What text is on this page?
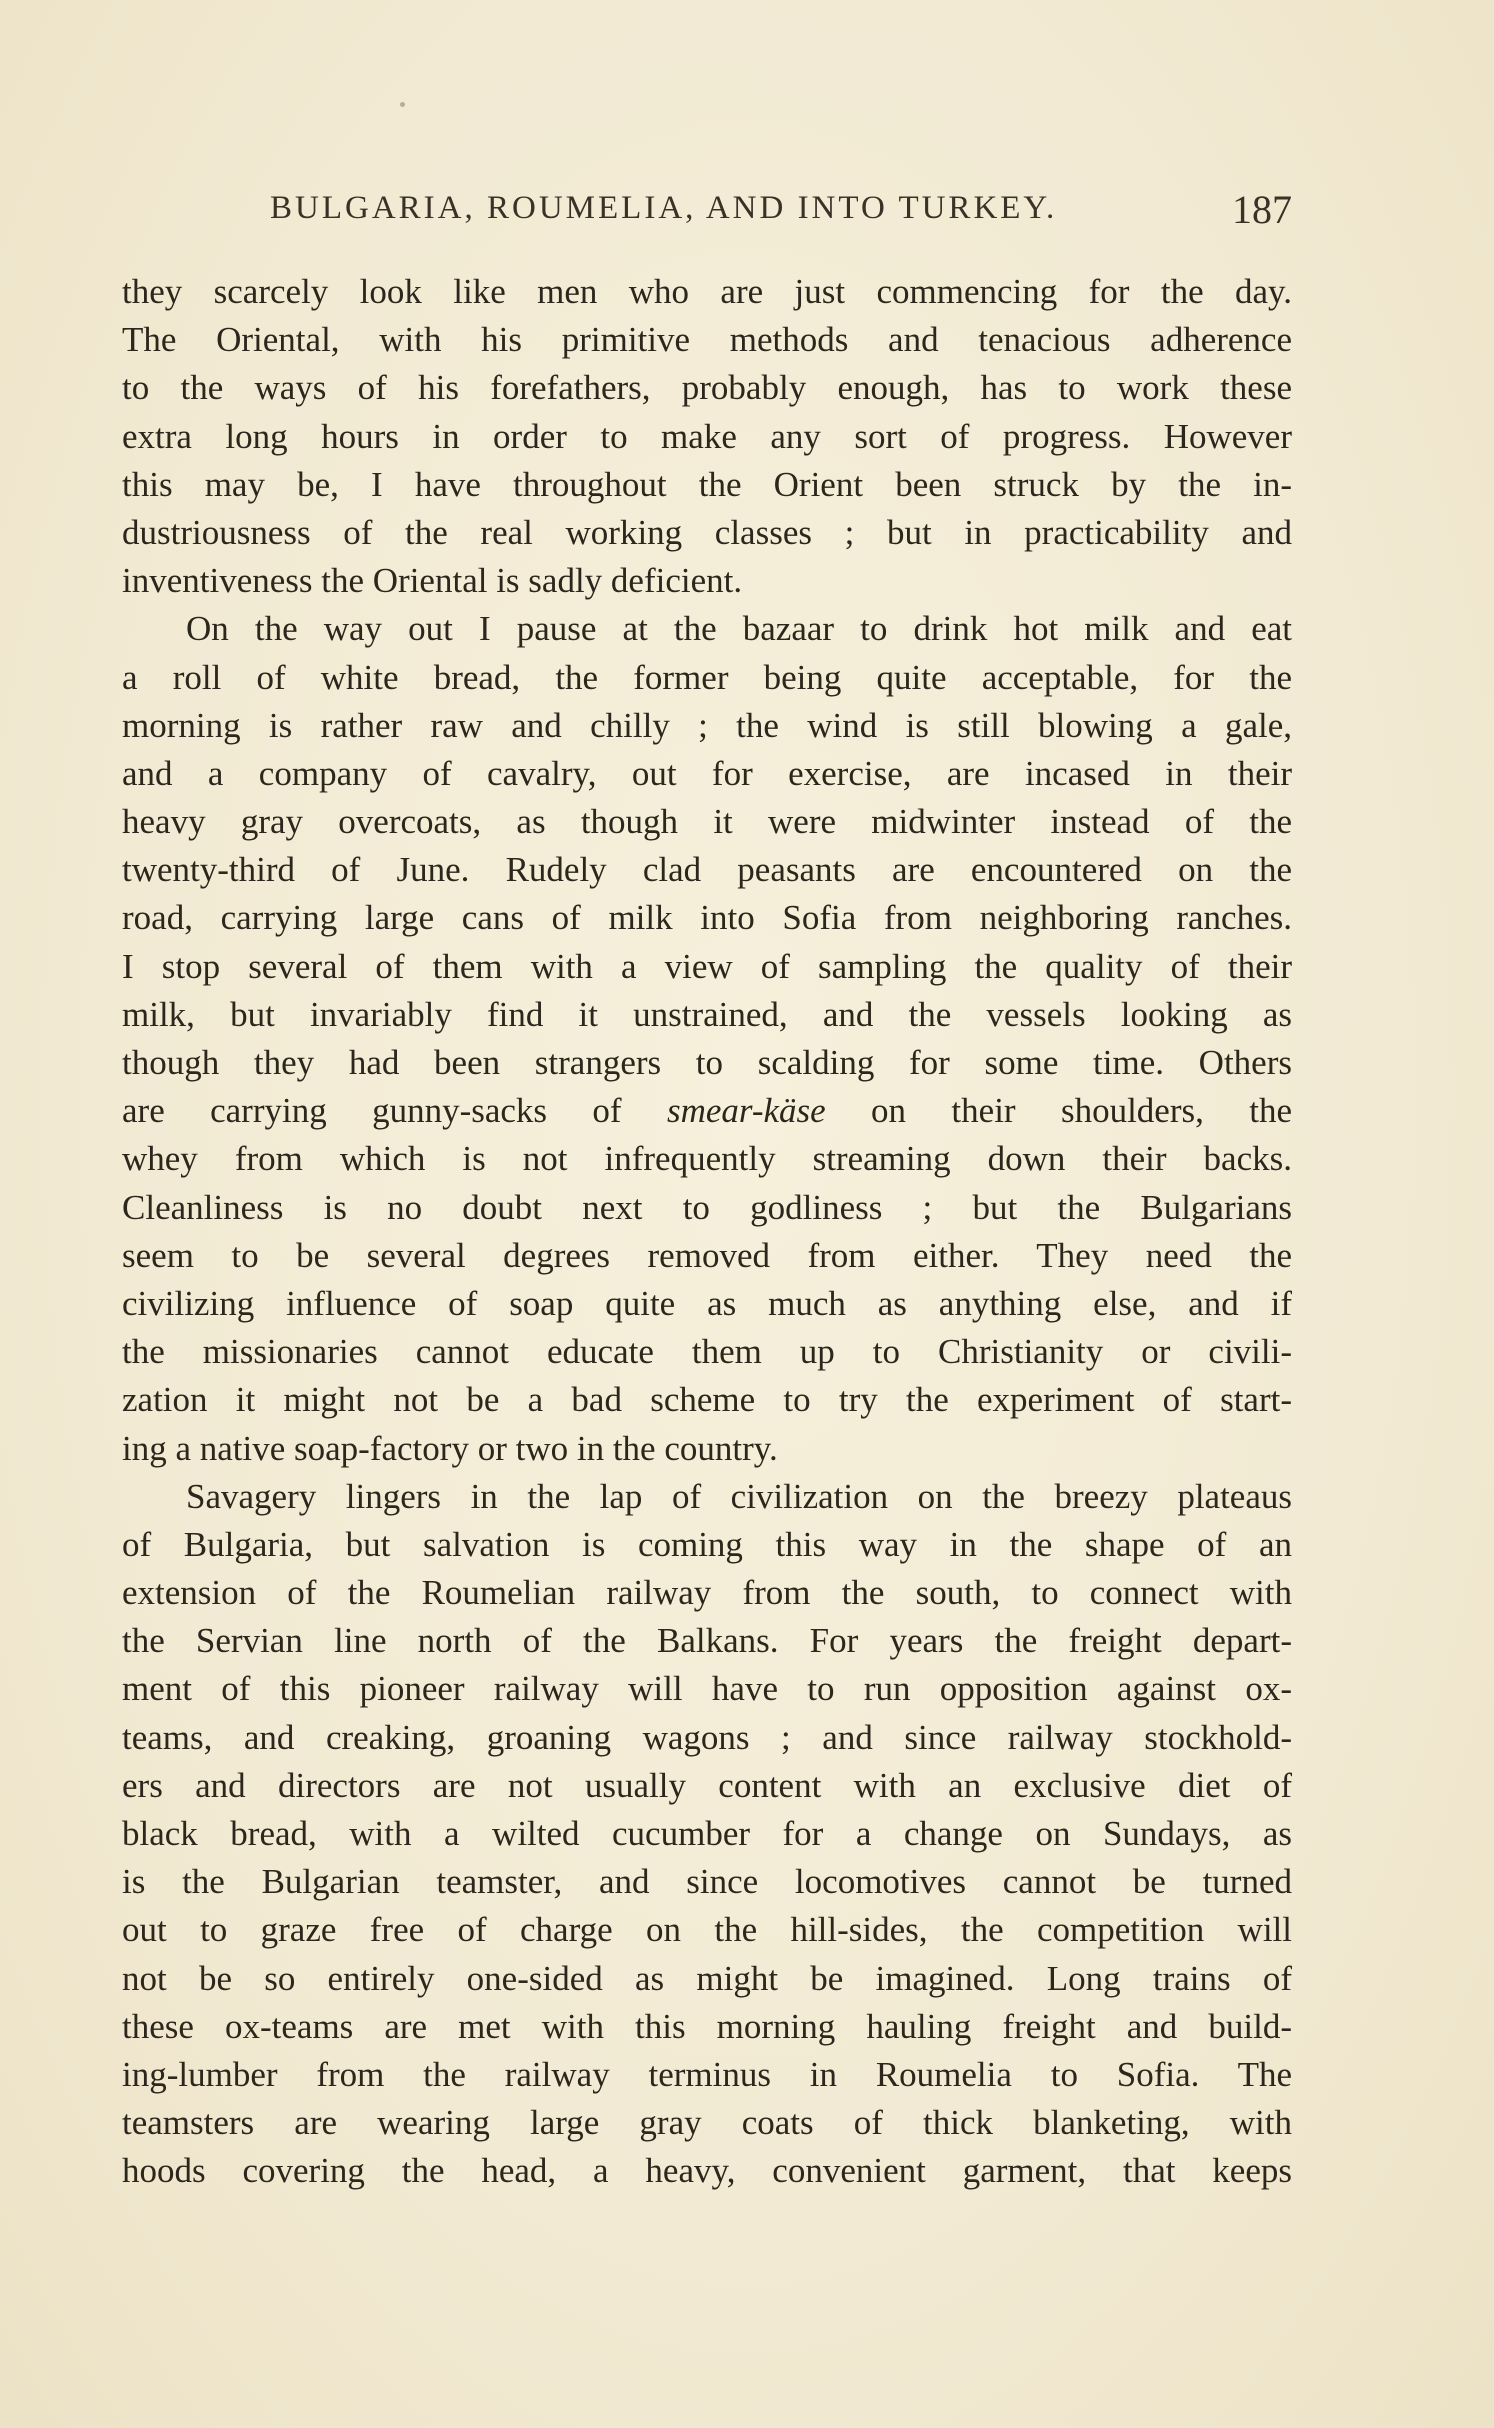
BULGARIA, ROUMELIA, AND INTO TURKEY.	187
they scarcely look like men who are just commencing for the day.
The Oriental, with his primitive methods and tenacious adherence
to the ways of his forefathers, probably enough, has to work these
extra long hours in order to make any sort of progress. However
this may be, I have throughout the Orient been struck by the in-
dustriousness of the real working classes ; but in practicability and
inventiveness the Oriental is sadly deficient.
On the way out I pause at the bazaar to drink hot milk and eat
a roll of white bread, the former being quite acceptable, for the
morning is rather raw and chilly ; the wind is still blowing a gale,
and a company of cavalry, out for exercise, are incased in their
heavy gray overcoats, as though it were midwinter instead of the
twenty-third of June. Rudely clad peasants are encountered on the
road, carrying large cans of milk into Sofia from neighboring ranches.
I stop several of them with a view of sampling the quality of their
milk, but invariably find it unstrained, and the vessels looking as
though they had been strangers to scalding for some time. Others
are carrying gunny-sacks of smear-käse on their shoulders, the
whey from which is not infrequently streaming down their backs.
Cleanliness is no doubt next to godliness ; but the Bulgarians
seem to be several degrees removed from either. They need the
civilizing influence of soap quite as much as anything else, and if
the missionaries cannot educate them up to Christianity or civili-
zation it might not be a bad scheme to try the experiment of start-
ing a native soap-factory or two in the country.
Savagery lingers in the lap of civilization on the breezy plateaus
of Bulgaria, but salvation is coming this way in the shape of an
extension of the Roumelian railway from the south, to connect with
the Servian line north of the Balkans. For years the freight depart-
ment of this pioneer railway will have to run opposition against ox-
teams, and creaking, groaning wagons ; and since railway stockhold-
ers and directors are not usually content with an exclusive diet of
black bread, with a wilted cucumber for a change on Sundays, as
is the Bulgarian teamster, and since locomotives cannot be turned
out to graze free of charge on the hill-sides, the competition will
not be so entirely one-sided as might be imagined. Long trains of
these ox-teams are met with this morning hauling freight and build-
ing-lumber from the railway terminus in Roumelia to Sofia. The
teamsters are wearing large gray coats of thick blanketing, with
hoods covering the head, a heavy, convenient garment, that keeps
